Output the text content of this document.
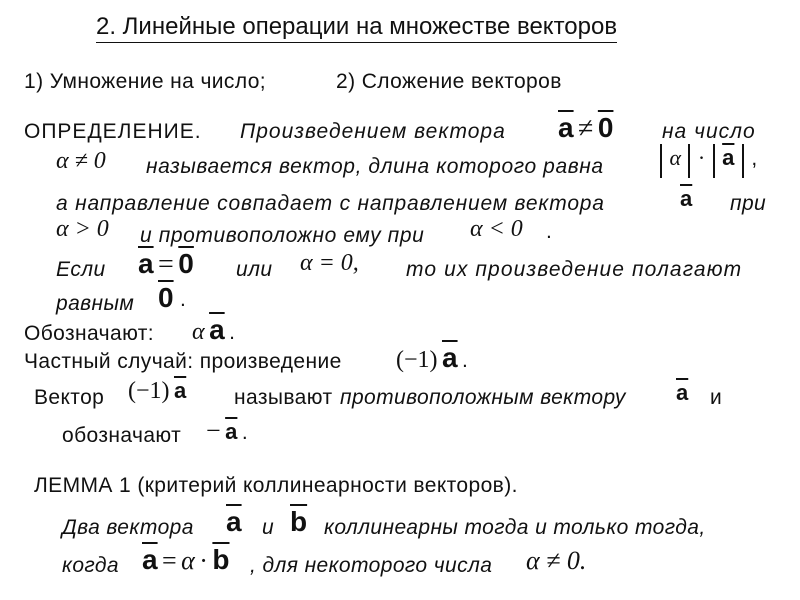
2. Линейные операции на множестве векторов
1) Умножение на число;	2) Сложение векторов
ОПРЕДЕЛЕНИЕ. Произведением вектора $\overline{a} \ne 0$ на число
α ≠ 0 называется вектор, длина которого равна	$\alpha \cdot \overline{a}$ ,
а направление совпадает с направлением вектора	$\overline{a}$ при
α > 0 и противоположно ему при α < 0 .
Если $\overline{a} = 0$ или α = 0, то их произведение полагают
равным 0 .
Обозначают: α $\overline{a}$ .
Частный случай: произведение (−1) $\overline{a}$ .
Вектор (−1) $\overline{a}$ называют противоположным вектору $\overline{a}$ и
обозначают − $\overline{a}$ .
ЛЕММА 1 (критерий коллинеарности векторов).
Два вектора $\overline{a}$ и $\overline{b}$ коллинеарны тогда и только тогда,
когда $\overline{a} = \alpha \cdot \overline{b}$ , для некоторого числа α ≠ 0.
